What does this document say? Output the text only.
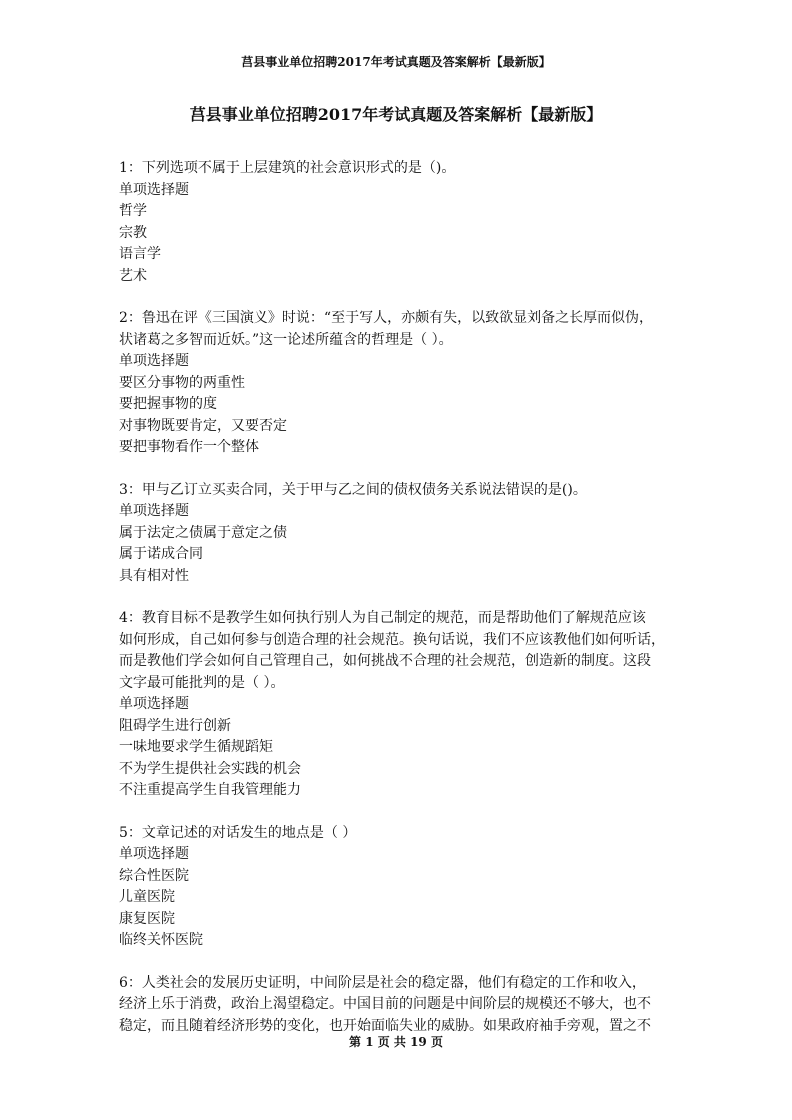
莒县事业单位招聘2017年考试真题及答案解析【最新版】
莒县事业单位招聘2017年考试真题及答案解析【最新版】
1：下列选项不属于上层建筑的社会意识形式的是（)。
单项选择题
哲学
宗教
语言学
艺术
2：鲁迅在评《三国演义》时说：“至于写人，亦颇有失，以致欲显刘备之长厚而似伪，
状诸葛之多智而近妖。”这一论述所蕴含的哲理是（ ）。
单项选择题
要区分事物的两重性
要把握事物的度
对事物既要肯定，又要否定
要把事物看作一个整体
3：甲与乙订立买卖合同，关于甲与乙之间的债权债务关系说法错误的是()。
单项选择题
属于法定之债属于意定之债
属于诺成合同
具有相对性
4：教育目标不是教学生如何执行别人为自己制定的规范，而是帮助他们了解规范应该
如何形成，自己如何参与创造合理的社会规范。换句话说，我们不应该教他们如何听话，
而是教他们学会如何自己管理自己，如何挑战不合理的社会规范，创造新的制度。这段
文字最可能批判的是（ ）。
单项选择题
阻碍学生进行创新
一味地要求学生循规蹈矩
不为学生提供社会实践的机会
不注重提高学生自我管理能力
5：文章记述的对话发生的地点是（ ）
单项选择题
综合性医院
儿童医院
康复医院
临终关怀医院
6：人类社会的发展历史证明，中间阶层是社会的稳定器，他们有稳定的工作和收入，
经济上乐于消费，政治上渴望稳定。中国目前的问题是中间阶层的规模还不够大，也不
稳定，而且随着经济形势的变化，也开始面临失业的威胁。如果政府袖手旁观，置之不
第 1 页 共 19 页
